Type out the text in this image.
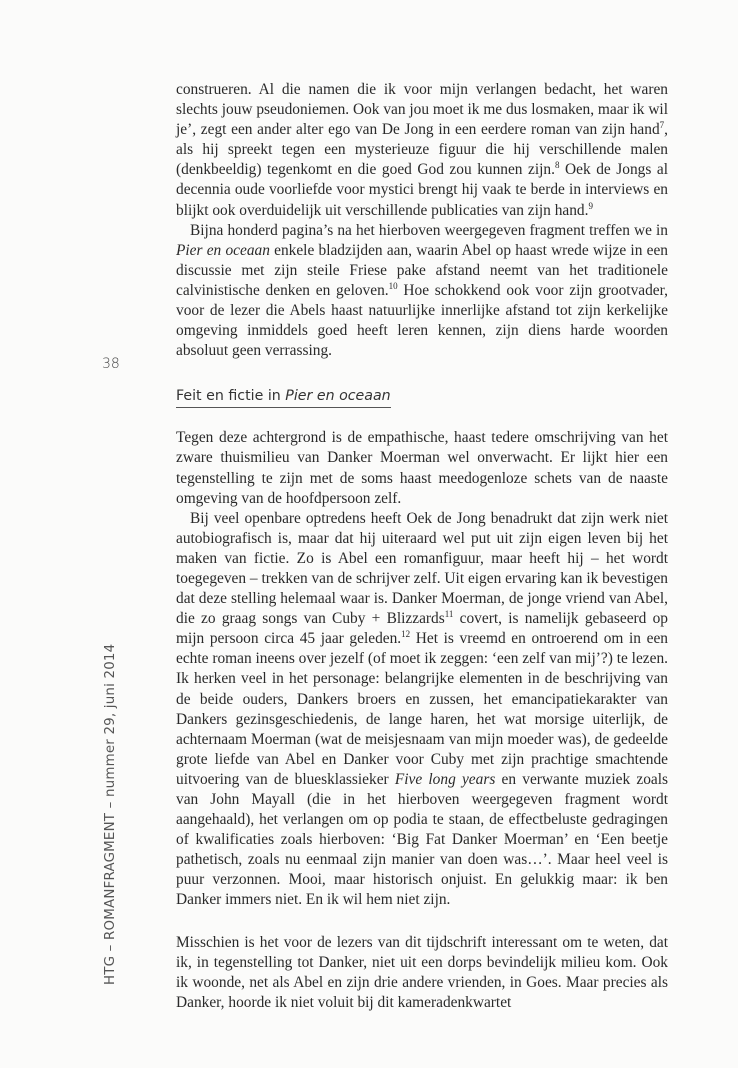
38
HTG – ROMANFRAGMENT – nummer 29, juni 2014

construeren. Al die namen die ik voor mijn verlangen bedacht, het waren slechts jouw pseudoniemen. Ook van jou moet ik me dus losmaken, maar ik wil je’, zegt een ander alter ego van De Jong in een eerdere roman van zijn hand$^7$, als hij spreekt tegen een mysterieuze figuur die hij verschillende malen (denkbeeldig) tegenkomt en die goed God zou kunnen zijn.$^8$ Oek de Jongs al decennia oude voorliefde voor mystici brengt hij vaak te berde in interviews en blijkt ook overduidelijk uit verschillende publicaties van zijn hand.$^9$

Bijna honderd pagina’s na het hierboven weergegeven fragment treffen we in Pier en oceaan enkele bladzijden aan, waarin Abel op haast wrede wijze in een discussie met zijn steile Friese pake afstand neemt van het traditionele calvinistische denken en geloven.$^{10}$ Hoe schokkend ook voor zijn grootvader, voor de lezer die Abels haast natuurlijke innerlijke afstand tot zijn kerkelijke omgeving inmiddels goed heeft leren kennen, zijn diens harde woorden absoluut geen verrassing.

Feit en fictie in Pier en oceaan

Tegen deze achtergrond is de empathische, haast tedere omschrijving van het zware thuismilieu van Danker Moerman wel onverwacht. Er lijkt hier een tegenstelling te zijn met de soms haast meedogenloze schets van de naaste omgeving van de hoofdpersoon zelf.

Bij veel openbare optredens heeft Oek de Jong benadrukt dat zijn werk niet autobiografisch is, maar dat hij uiteraard wel put uit zijn eigen leven bij het maken van fictie. Zo is Abel een romanfiguur, maar heeft hij – het wordt toegegeven – trekken van de schrijver zelf. Uit eigen ervaring kan ik bevestigen dat deze stelling helemaal waar is. Danker Moerman, de jonge vriend van Abel, die zo graag songs van Cuby + Blizzards$^{11}$ covert, is namelijk gebaseerd op mijn persoon circa 45 jaar geleden.$^{12}$ Het is vreemd en ontroerend om in een echte roman ineens over jezelf (of moet ik zeggen: ‘een zelf van mij’?) te lezen. Ik herken veel in het personage: belangrijke elementen in de beschrijving van de beide ouders, Dankers broers en zussen, het emancipatiekarakter van Dankers gezinsgeschiedenis, de lange haren, het wat morsige uiterlijk, de achternaam Moerman (wat de meisjesnaam van mijn moeder was), de gedeelde grote liefde van Abel en Danker voor Cuby met zijn prachtige smachtende uitvoering van de bluesklassieker Five long years en verwante muziek zoals van John Mayall (die in het hierboven weergegeven fragment wordt aangehaald), het verlangen om op podia te staan, de effectbeluste gedragingen of kwalificaties zoals hierboven: ‘Big Fat Danker Moerman’ en ‘Een beetje pathetisch, zoals nu eenmaal zijn manier van doen was…’. Maar heel veel is puur verzonnen. Mooi, maar historisch onjuist. En gelukkig maar: ik ben Danker immers niet. En ik wil hem niet zijn.

Misschien is het voor de lezers van dit tijdschrift interessant om te weten, dat ik, in tegenstelling tot Danker, niet uit een dorps bevindelijk milieu kom. Ook ik woonde, net als Abel en zijn drie andere vrienden, in Goes. Maar precies als Danker, hoorde ik niet voluit bij dit kameradenkwartet
